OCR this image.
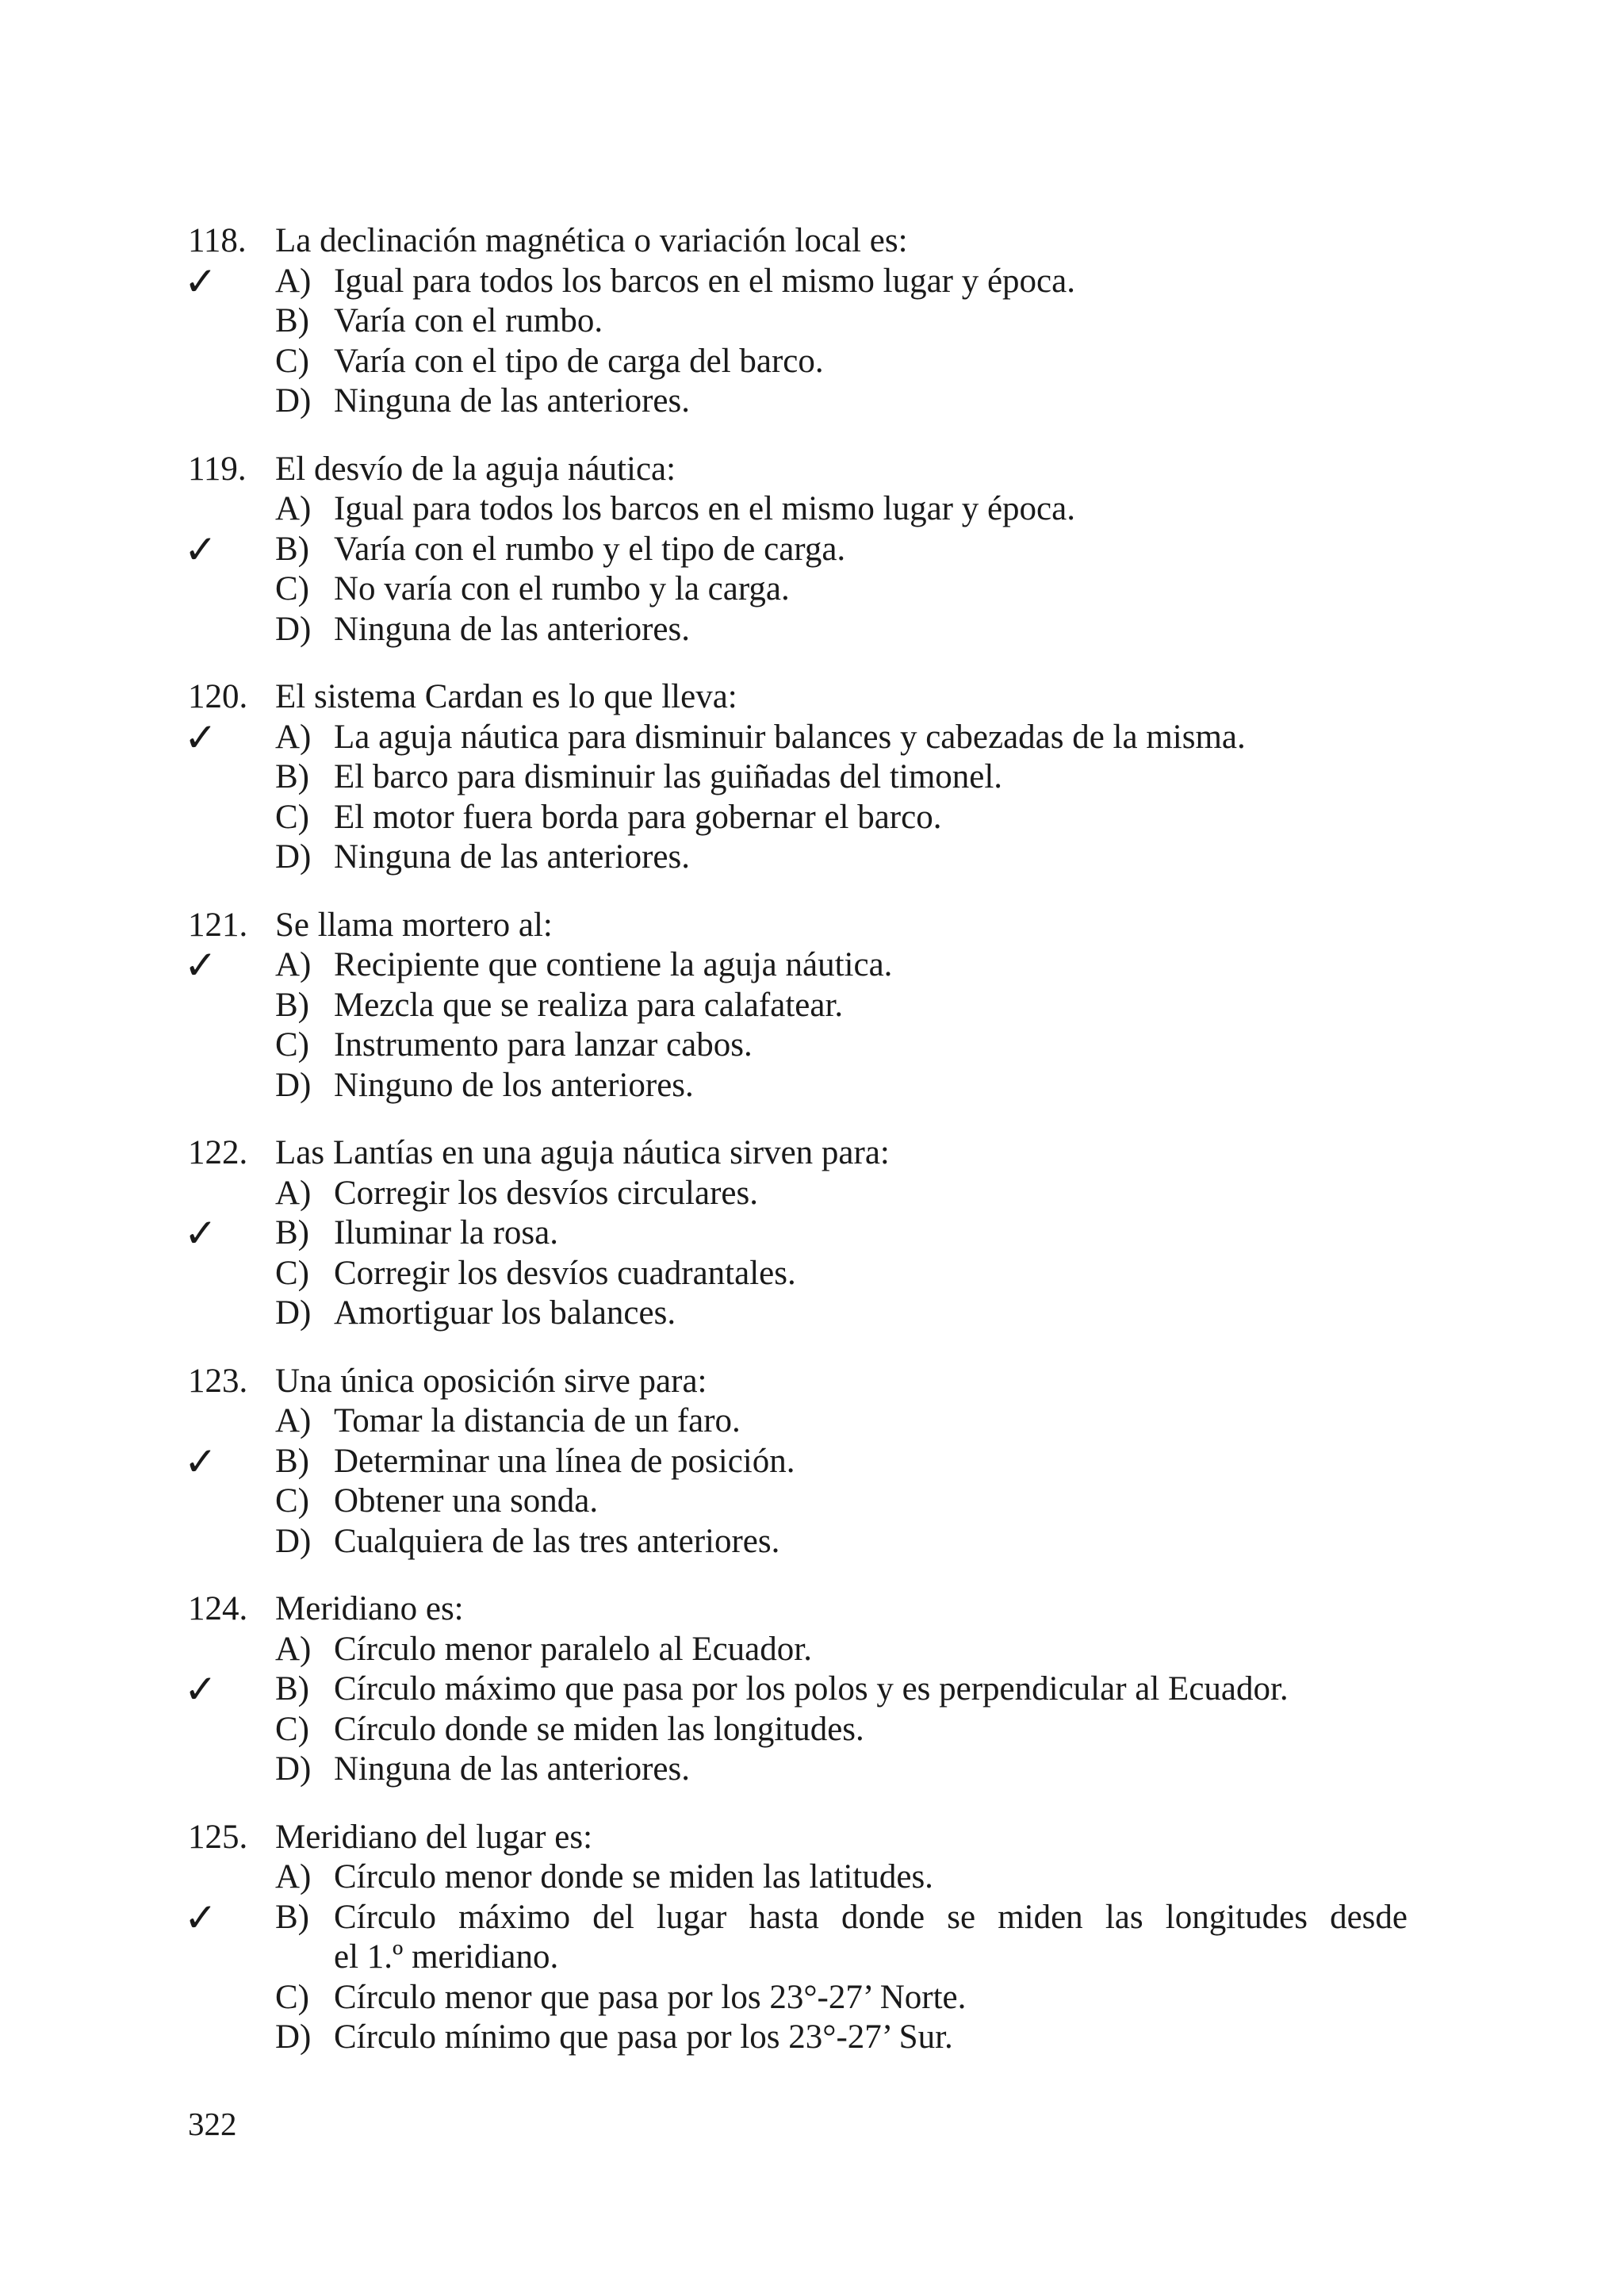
118. La declinación magnética o variación local es:
✓ A) Igual para todos los barcos en el mismo lugar y época.
B) Varía con el rumbo.
C) Varía con el tipo de carga del barco.
D) Ninguna de las anteriores.
119. El desvío de la aguja náutica:
A) Igual para todos los barcos en el mismo lugar y época.
✓ B) Varía con el rumbo y el tipo de carga.
C) No varía con el rumbo y la carga.
D) Ninguna de las anteriores.
120. El sistema Cardan es lo que lleva:
✓ A) La aguja náutica para disminuir balances y cabezadas de la misma.
B) El barco para disminuir las guiñadas del timonel.
C) El motor fuera borda para gobernar el barco.
D) Ninguna de las anteriores.
121. Se llama mortero al:
✓ A) Recipiente que contiene la aguja náutica.
B) Mezcla que se realiza para calafatear.
C) Instrumento para lanzar cabos.
D) Ninguno de los anteriores.
122. Las Lantías en una aguja náutica sirven para:
A) Corregir los desvíos circulares.
✓ B) Iluminar la rosa.
C) Corregir los desvíos cuadrantales.
D) Amortiguar los balances.
123. Una única oposición sirve para:
A) Tomar la distancia de un faro.
✓ B) Determinar una línea de posición.
C) Obtener una sonda.
D) Cualquiera de las tres anteriores.
124. Meridiano es:
A) Círculo menor paralelo al Ecuador.
✓ B) Círculo máximo que pasa por los polos y es perpendicular al Ecuador.
C) Círculo donde se miden las longitudes.
D) Ninguna de las anteriores.
125. Meridiano del lugar es:
A) Círculo menor donde se miden las latitudes.
✓ B) Círculo máximo del lugar hasta donde se miden las longitudes desde
el 1.º meridiano.
C) Círculo menor que pasa por los 23°-27’ Norte.
D) Círculo mínimo que pasa por los 23°-27’ Sur.
322
